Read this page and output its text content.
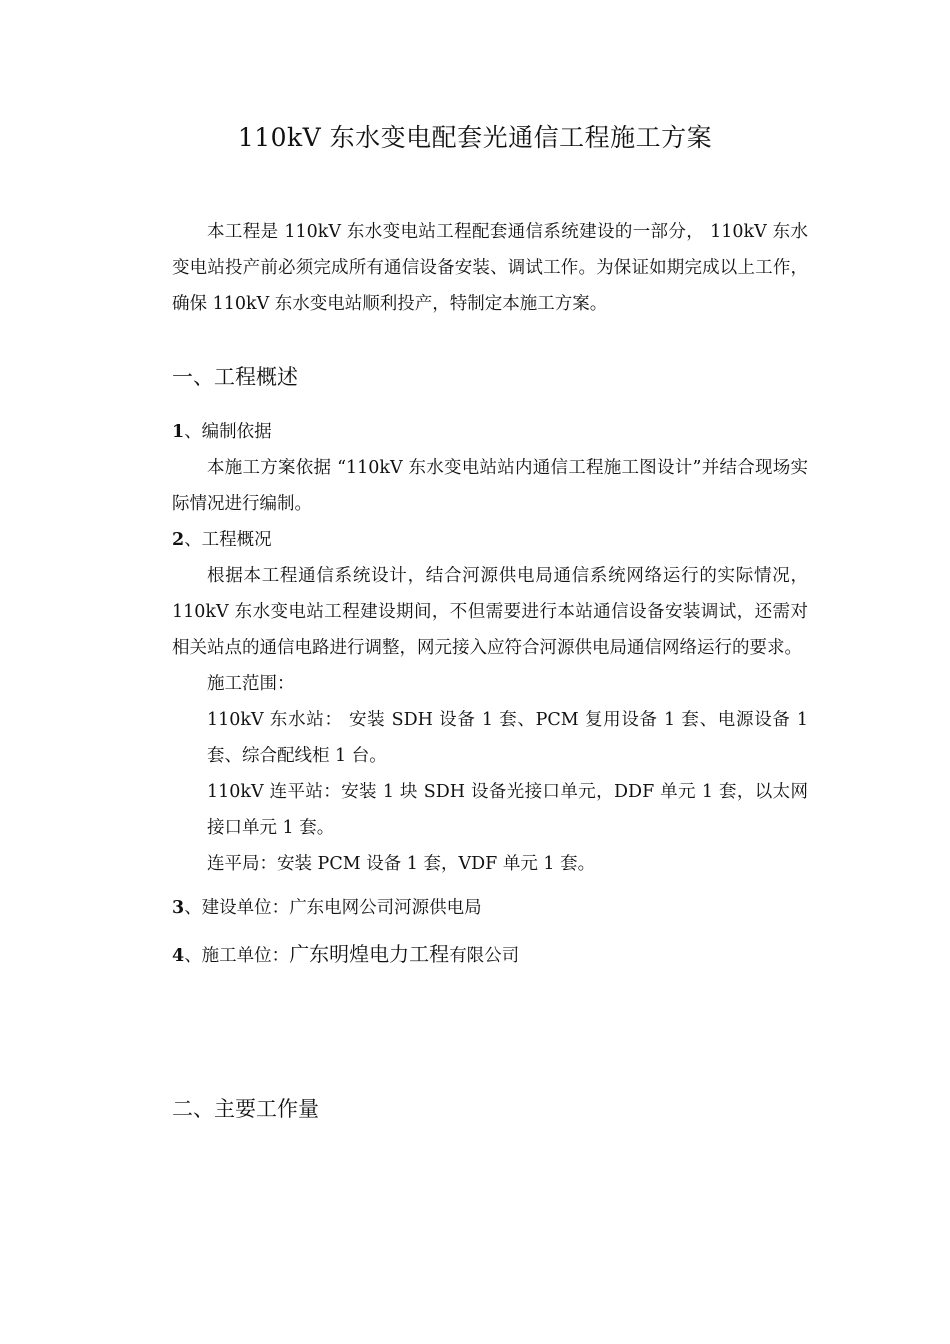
110kV 东水变电配套光通信工程施工方案

本工程是 110kV 东水变电站工程配套通信系统建设的一部分， 110kV 东水变电站投产前必须完成所有通信设备安装、调试工作。为保证如期完成以上工作，确保 110kV 东水变电站顺利投产，特制定本施工方案。

一、工程概述

1、编制依据

本施工方案依据 “110kV 东水变电站站内通信工程施工图设计”并结合现场实际情况进行编制。

2、工程概况

根据本工程通信系统设计，结合河源供电局通信系统网络运行的实际情况，110kV 东水变电站工程建设期间，不但需要进行本站通信设备安装调试，还需对相关站点的通信电路进行调整，网元接入应符合河源供电局通信网络运行的要求。

施工范围：

110kV 东水站： 安装 SDH 设备 1 套、PCM 复用设备 1 套、电源设备 1 套、综合配线柜 1 台。

110kV 连平站：安装 1 块 SDH 设备光接口单元，DDF 单元 1 套，以太网接口单元 1 套。

连平局：安装 PCM 设备 1 套，VDF 单元 1 套。

3、建设单位：广东电网公司河源供电局

4、施工单位：广东明煌电力工程有限公司

二、主要工作量
